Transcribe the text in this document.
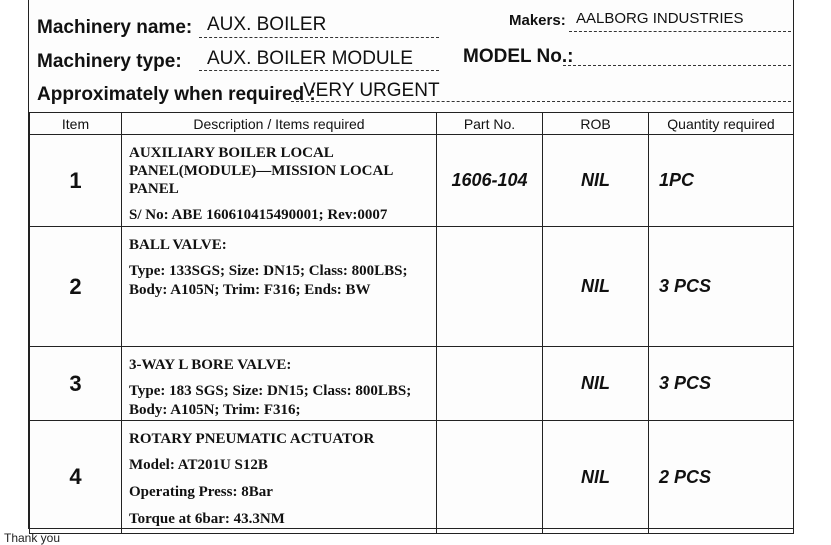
Machinery name: AUX. BOILER	Makers: AALBORG INDUSTRIES
Machinery type: AUX. BOILER MODULE	MODEL No.:
Approximately when required :
VERY URGENT
Item	Description / Items required	Part No.	ROB	Quantity required
1	AUXILIARY BOILER LOCAL PANEL(MODULE)—MISSION LOCAL PANEL
S/ No: ABE 160610415490001; Rev:0007	1606-104	NIL	1PC
2	BALL VALVE:
Type: 133SGS; Size: DN15; Class: 800LBS; Body: A105N; Trim: F316; Ends: BW		NIL	3 PCS
3	3-WAY L BORE VALVE:
Type: 183 SGS; Size: DN15; Class: 800LBS; Body: A105N; Trim: F316;		NIL	3 PCS
4	ROTARY PNEUMATIC ACTUATOR
Model: AT201U S12B
Operating Press: 8Bar
Torque at 6bar: 43.3NM		NIL	2 PCS
Thank you
